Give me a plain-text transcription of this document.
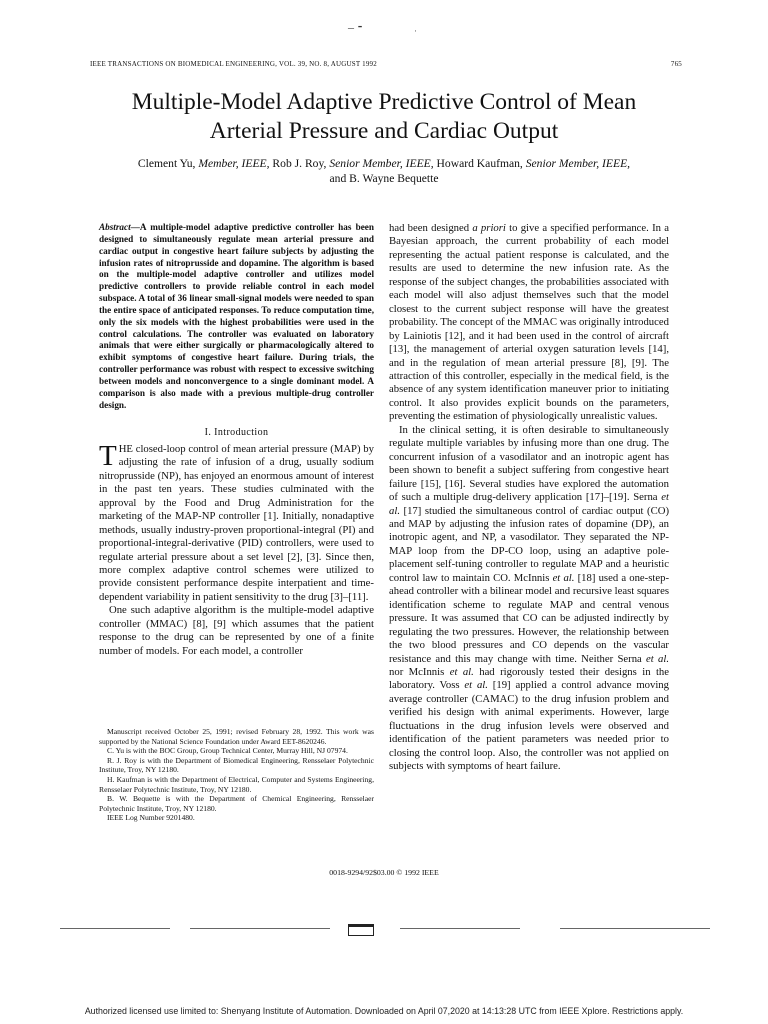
– ⁃	·
IEEE TRANSACTIONS ON BIOMEDICAL ENGINEERING, VOL. 39, NO. 8, AUGUST 1992	765
Multiple-Model Adaptive Predictive Control of Mean
Arterial Pressure and Cardiac Output
Clement Yu, Member, IEEE, Rob J. Roy, Senior Member, IEEE, Howard Kaufman, Senior Member, IEEE,
and B. Wayne Bequette
Abstract—A multiple-model adaptive predictive controller has been designed to simultaneously regulate mean arterial pressure and cardiac output in congestive heart failure subjects by adjusting the infusion rates of nitroprusside and dopamine. The algorithm is based on the multiple-model adaptive controller and utilizes model predictive controllers to provide reliable control in each model subspace. A total of 36 linear small-signal models were needed to span the entire space of anticipated responses. To reduce computation time, only the six models with the highest probabilities were used in the control calculations. The controller was evaluated on laboratory animals that were either surgically or pharmacologically altered to exhibit symptoms of congestive heart failure. During trials, the controller performance was robust with respect to excessive switching between models and nonconvergence to a single dominant model. A comparison is also made with a previous multiple-drug controller design.
I. Introduction

THE closed-loop control of mean arterial pressure (MAP) by adjusting the rate of infusion of a drug, usually sodium nitroprusside (NP), has enjoyed an enormous amount of interest in the past ten years. These studies culminated with the approval by the Food and Drug Administration for the marketing of the MAP-NP controller [1]. Initially, nonadaptive methods, usually industry-proven proportional-integral (PI) and proportional-integral-derivative (PID) controllers, were used to regulate arterial pressure about a set level [2], [3]. Since then, more complex adaptive control schemes were utilized to provide consistent performance despite interpatient and time-dependent variability in patient sensitivity to the drug [3]–[11].

One such adaptive algorithm is the multiple-model adaptive controller (MMAC) [8], [9] which assumes that the patient response to the drug can be represented by one of a finite number of models. For each model, a controller

Manuscript received October 25, 1991; revised February 28, 1992. This work was supported by the National Science Foundation under Award EET-8620246.

C. Yu is with the BOC Group, Group Technical Center, Murray Hill, NJ 07974.

R. J. Roy is with the Department of Biomedical Engineering, Rensselaer Polytechnic Institute, Troy, NY 12180.

H. Kaufman is with the Department of Electrical, Computer and Systems Engineering, Rensselaer Polytechnic Institute, Troy, NY 12180.

B. W. Bequette is with the Department of Chemical Engineering, Rensselaer Polytechnic Institute, Troy, NY 12180.

IEEE Log Number 9201480.

had been designed a priori to give a specified performance. In a Bayesian approach, the current probability of each model representing the actual patient response is calculated, and the results are used to determine the new infusion rate. As the response of the subject changes, the probabilities associated with each model will also adjust themselves such that the model closest to the current subject response will have the greatest probability. The concept of the MMAC was originally introduced by Lainiotis [12], and it had been used in the control of aircraft [13], the management of arterial oxygen saturation levels [14], and in the regulation of mean arterial pressure [8], [9]. The attraction of this controller, especially in the medical field, is the absence of any system identification maneuver prior to initiating control. It also provides explicit bounds on the parameters, preventing the estimation of physiologically unrealistic values.

In the clinical setting, it is often desirable to simultaneously regulate multiple variables by infusing more than one drug. The concurrent infusion of a vasodilator and an inotropic agent has been shown to benefit a subject suffering from congestive heart failure [15], [16]. Several studies have explored the automation of such a multiple drug-delivery application [17]–[19]. Serna et al. [17] studied the simultaneous control of cardiac output (CO) and MAP by adjusting the infusion rates of dopamine (DP), an inotropic agent, and NP, a vasodilator. They separated the NP-MAP loop from the DP-CO loop, using an adaptive pole-placement self-tuning controller to regulate MAP and a heuristic control law to maintain CO. McInnis et al. [18] used a one-step-ahead controller with a bilinear model and recursive least squares identification scheme to regulate MAP and central venous pressure. It was assumed that CO can be adjusted indirectly by regulating the two pressures. However, the relationship between the two blood pressures and CO depends on the vascular resistance and this may change with time. Neither Serna et al. nor McInnis et al. had rigorously tested their designs in the laboratory. Voss et al. [19] applied a control advance moving average controller (CAMAC) to the drug infusion problem and verified his design with animal experiments. However, large fluctuations in the drug infusion levels were observed and identification of the patient parameters was needed prior to closing the control loop. Also, the controller was not applied on subjects with symptoms of heart failure.

0018-9294/92$03.00 © 1992 IEEE
Authorized licensed use limited to: Shenyang Institute of Automation. Downloaded on April 07,2020 at 14:13:28 UTC from IEEE Xplore. Restrictions apply.
